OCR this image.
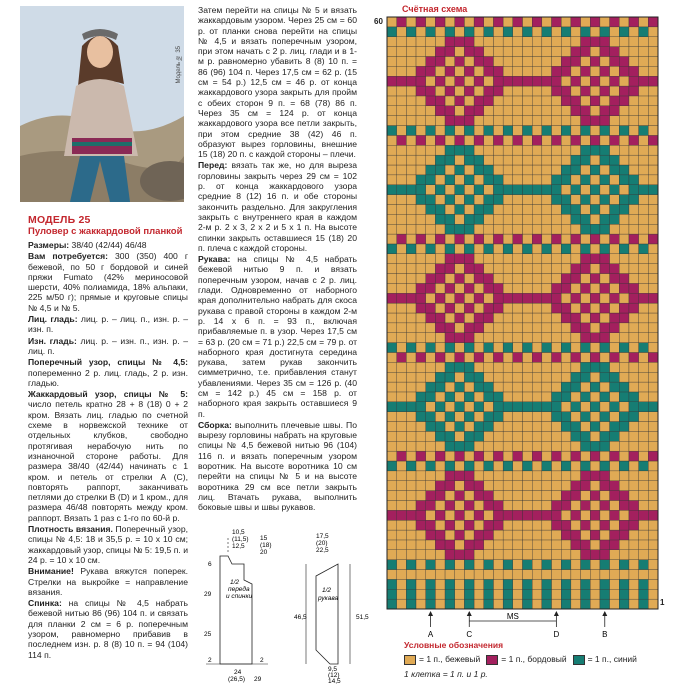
Модель № 35
МОДЕЛЬ 25
Пуловер с жаккардовой планкой

Размеры: 38/40 (42/44) 46/48

Вам потребуется: 300 (350) 400 г бежевой, по 50 г бордовой и синей пряжи Fumato (42% мериносовой шерсти, 40% полиамида, 18% альпаки, 225 м/50 г); прямые и круговые спицы № 4,5 и № 5.

Лиц. гладь: лиц. р. – лиц. п., изн. р. – изн. п.

Изн. гладь: лиц. р. – изн. п., изн. р. – лиц. п.

Поперечный узор, спицы № 4,5: попеременно 2 р. лиц. гладь, 2 р. изн. гладью.

Жаккардовый узор, спицы № 5: число петель кратно 28 + 8 (18) 0 + 2 кром. Вязать лиц. гладью по счетной схеме в норвежской технике от отдельных клубков, свободно протягивая нерабочую нить по изнаночной стороне работы. Для размера 38/40 (42/44) начинать с 1 кром. и петель от стрелки A (C), повторять раппорт, заканчивать петлями до стрелки B (D) и 1 кром., для размера 46/48 повторять между кром. раппорт. Вязать 1 раз с 1-го по 60-й р.

Плотность вязания. Поперечный узор, спицы № 4,5: 18 и 35,5 р. = 10 x 10 см; жаккардовый узор, спицы № 5: 19,5 п. и 24 р. = 10 x 10 см.

Внимание! Рукава вяжутся поперек. Стрелки на выкройке = направление вязания.

Спинка: на спицы № 4,5 набрать бежевой нитью 86 (96) 104 п. и связать для планки 2 см = 6 р. поперечным узором, равномерно прибавив в последнем изн. р. 8 (8) 10 п. = 94 (104) 114 п.

Затем перейти на спицы № 5 и вязать жаккардовым узором. Через 25 см = 60 р. от планки снова перейти на спицы № 4,5 и вязать поперечным узором, при этом начать с 2 р. лиц. глади и в 1-м р. равномерно убавить 8 (8) 10 п. = 86 (96) 104 п. Через 17,5 см = 62 р. (15 см = 54 р.) 12,5 см = 46 р. от конца жаккардового узора закрыть для пройм с обеих сторон 9 п. = 68 (78) 86 п. Через 35 см = 124 р. от конца жаккардового узора все петли закрыть, при этом средние 38 (42) 46 п. образуют вырез горловины, внешние 15 (18) 20 п. с каждой стороны – плечи.

Перед: вязать так же, но для выреза горловины закрыть через 29 см = 102 р. от конца жаккардового узора средние 8 (12) 16 п. и обе стороны закончить раздельно. Для закругления закрыть с внутреннего края в каждом 2-м р. 2 x 3, 2 x 2 и 5 x 1 п. На высоте спинки закрыть оставшиеся 15 (18) 20 п. плеча с каждой стороны.

Рукава: на спицы № 4,5 набрать бежевой нитью 9 п. и вязать поперечным узором, начав с 2 р. лиц. глади. Одновременно от наборного края дополнительно набрать для скоса рукава с правой стороны в каждом 2-м р. 14 x 6 п. = 93 п., включая прибавляемые п. в узор. Через 17,5 см = 63 р. (20 см = 71 р.) 22,5 см = 79 р. от наборного края достигнута середина рукава, затем рукав закончить симметрично, т.е. прибавления станут убавлениями. Через 35 см = 126 р. (40 см = 142 р.) 45 см = 158 р. от наборного края закрыть оставшиеся 9 п.

Сборка: выполнить плечевые швы. По вырезу горловины набрать на круговые спицы № 4,5 бежевой нитью 96 (104) 116 п. и вязать поперечным узором воротник. На высоте воротника 10 см перейти на спицы № 5 и на высоте воротника 29 см все петли закрыть лиц. Втачать рукава, выполнить боковые швы и швы рукавов.

10,5
(11,5)
12,5
15
(18)
20
6
29
25
2	2
1/2
переда
и спинки
24
(26,5) 29
17,5
(20)
22,5
46,5	51,5
1/2
рукава
9,5
(12)
14,5
Счётная схема
60
1
A	C	D	B
MS
Условные обозначения
= 1 п., бежевый	= 1 п., бордовый	= 1 п., синий
1 клетка = 1 п. и 1 р.
